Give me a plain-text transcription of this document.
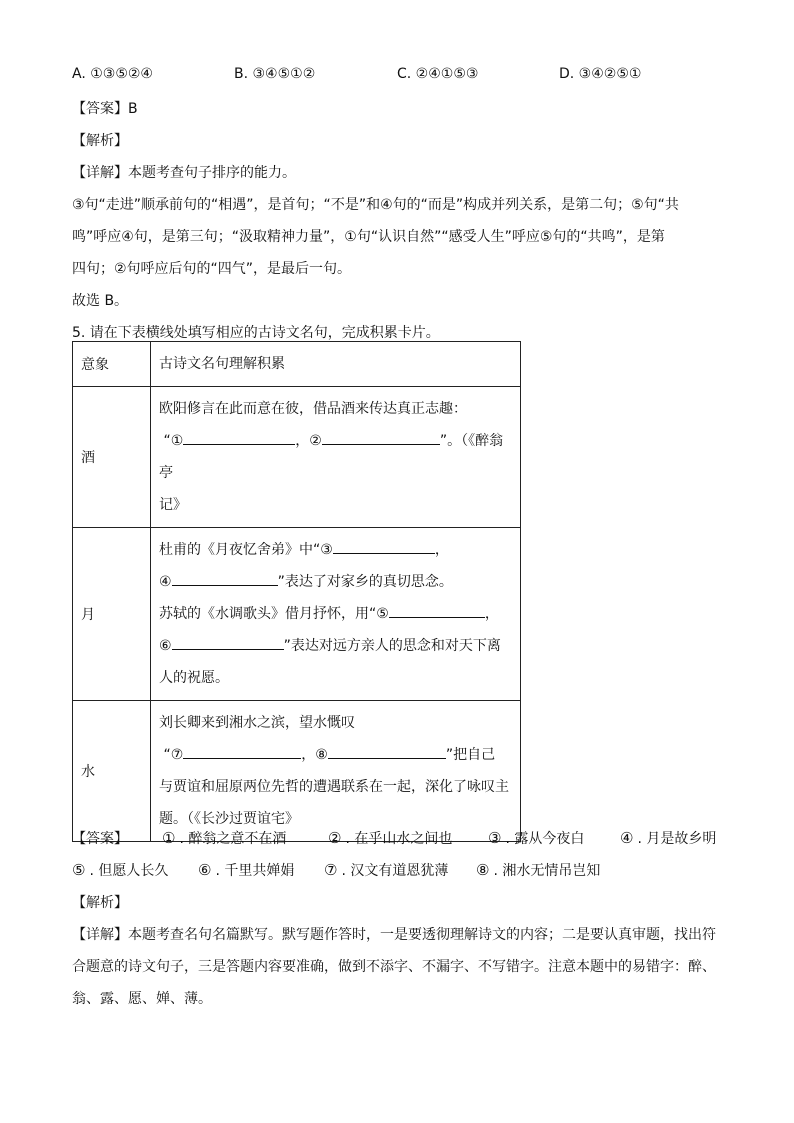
A. ①③⑤②④	B. ③④⑤①②	C. ②④①⑤③	D. ③④②⑤①
【答案】B
【解析】
【详解】本题考查句子排序的能力。
③句“走进”顺承前句的“相遇”，是首句；“不是”和④句的“而是”构成并列关系，是第二句；⑤句“共
鸣”呼应④句，是第三句；“汲取精神力量”，①句“认识自然”“感受人生”呼应⑤句的“共鸣”，是第
四句；②句呼应后句的“四气”，是最后一句。
故选 B。
5. 请在下表横线处填写相应的古诗文名句，完成积累卡片。
意象	古诗文名句理解积累
酒	欧阳修言在此而意在彼，借品酒来传达真正志趣：
“① ，② ”。（《醉翁亭
记》

月	杜甫的《月夜忆舍弟》中“③ ，
④ ”表达了对家乡的真切思念。
苏轼的《水调歌头》借月抒怀，用“⑤ ，
⑥ ”表达对远方亲人的思念和对天下离
人的祝愿。

水	刘长卿来到湘水之滨，望水慨叹
“⑦ ，⑧ ”把自己
与贾谊和屈原两位先哲的遭遇联系在一起，深化了咏叹主
题。（《长沙过贾谊宅》
【答案】 ① . 醉翁之意不在酒	② . 在乎山水之间也 ③ . 露从今夜白 ④ . 月是故乡明
⑤ . 但愿人长久 ⑥ . 千里共婵娟 ⑦ . 汉文有道恩犹薄 ⑧ . 湘水无情吊岂知
【解析】
【详解】本题考查名句名篇默写。默写题作答时，一是要透彻理解诗文的内容；二是要认真审题，找出符
合题意的诗文句子，三是答题内容要准确，做到不添字、不漏字、不写错字。注意本题中的易错字：醉、
翁、露、愿、婵、薄。
